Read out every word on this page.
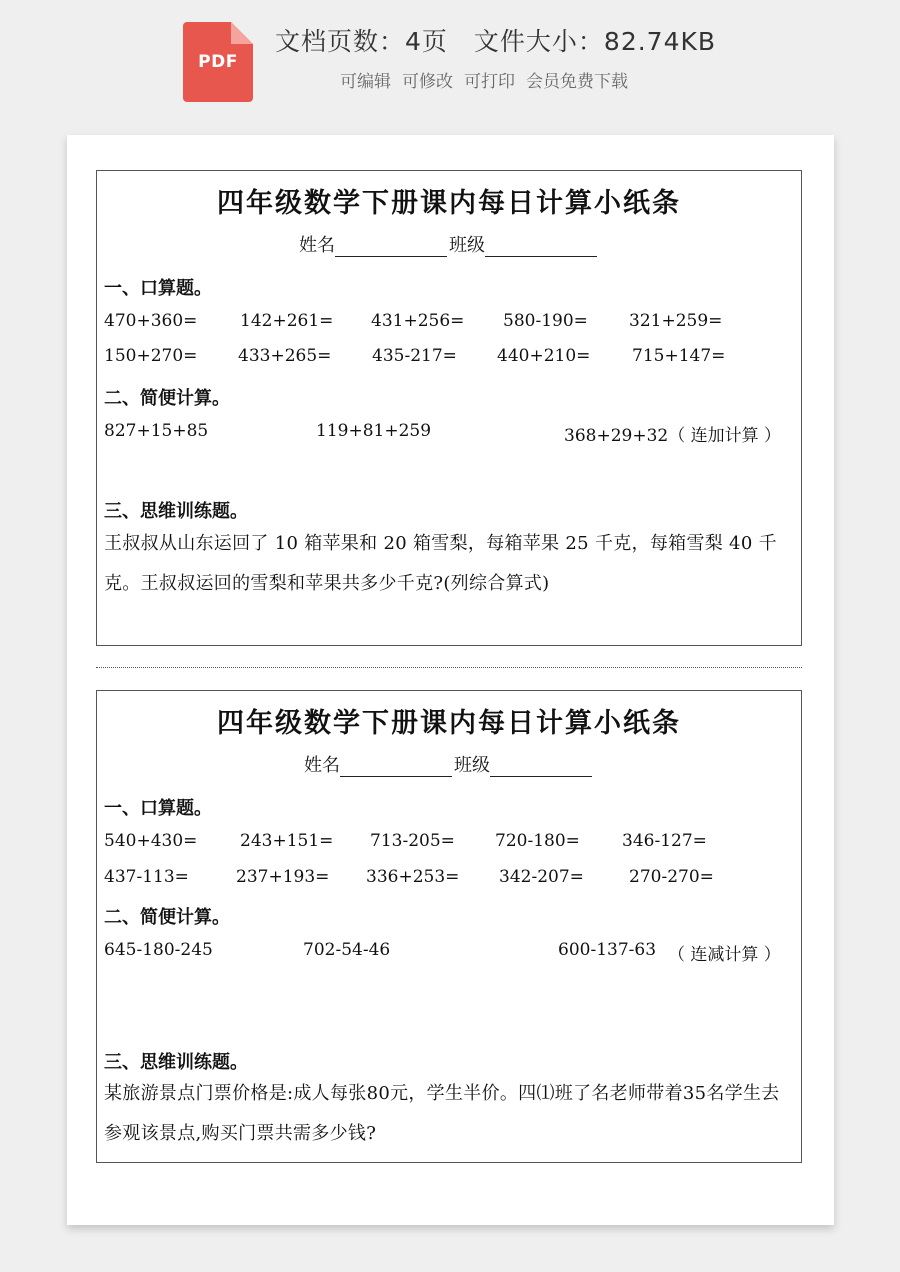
PDF
文档页数：4页 文件大小：82.74KB
可编辑 可修改 可打印 会员免费下载
四年级数学下册课内每日计算小纸条
姓名	班级
一、口算题。
470+360=	142+261= 431+256= 580-190= 321+259=
150+270= 433+265= 435-217= 440+210= 715+147=
二、简便计算。
827+15+85	119+81+259	368+29+32（ 连加计算 ）
三、思维训练题。
王叔叔从山东运回了 10 箱苹果和 20 箱雪梨，每箱苹果 25 千克，每箱雪梨 40 千克。王叔叔运回的雪梨和苹果共多少千克?(列综合算式)
四年级数学下册课内每日计算小纸条
姓名	班级
一、口算题。
540+430=	243+151= 713-205= 720-180= 346-127=
437-113=	237+193= 336+253= 342-207=	270-270=
二、简便计算。
645-180-245	702-54-46	600-137-63 （ 连减计算 ）
三、思维训练题。
某旅游景点门票价格是:成人每张80元，学生半价。四⑴班了名老师带着35名学生去参观该景点,购买门票共需多少钱?
